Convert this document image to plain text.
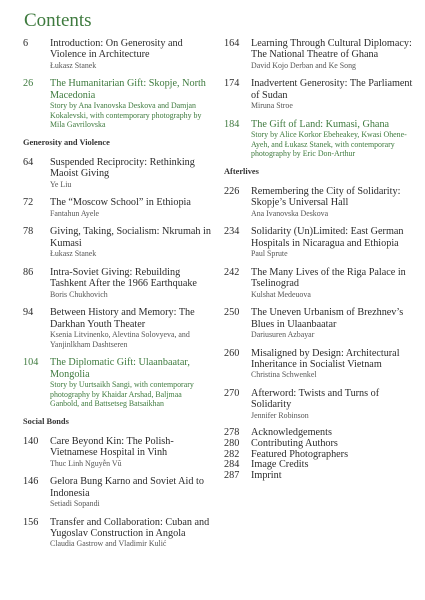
Contents
6	Introduction: On Generosity and Violence in Architecture
Łukasz Stanek
26	The Humanitarian Gift: Skopje, North Macedonia
Story by Ana Ivanovska Deskova and Damjan Kokalevski, with contemporary photography by Mila Gavrilovska
Generosity and Violence
64	Suspended Reciprocity: Rethinking Maoist Giving
Ye Liu
72	The “Moscow School” in Ethiopia
Fantahun Ayele
78	Giving, Taking, Socialism: Nkrumah in Kumasi
Łukasz Stanek
86	Intra-Soviet Giving: Rebuilding Tashkent After the 1966 Earthquake
Boris Chukhovich
94	Between History and Memory: The Darkhan Youth Theater
Ksenia Litvinenko, Alevtina Solovyeva, and Yanjinlkham Dashtseren
104	The Diplomatic Gift: Ulaanbaatar, Mongolia
Story by Uurtsaikh Sangi, with contemporary photography by Khaidar Arshad, Baljmaa Ganbold, and Battsetseg Batsaikhan
Social Bonds
140	Care Beyond Kin: The Polish-Vietnamese Hospital in Vinh
Thuc Linh Nguyễn Vũ
146	Gelora Bung Karno and Soviet Aid to Indonesia
Setiadi Sopandi
156	Transfer and Collaboration: Cuban and Yugoslav Construction in Angola
Claudia Gastrow and Vladimir Kulić
164	Learning Through Cultural Diplomacy: The National Theatre of Ghana
David Kojo Derban and Ke Song
174	Inadvertent Generosity: The Parliament of Sudan
Miruna Stroe
184	The Gift of Land: Kumasi, Ghana
Story by Alice Korkor Ebeheakey, Kwasi Ohene-Ayeh, and Łukasz Stanek, with contemporary photography by Eric Don-Arthur
Afterlives
226	Remembering the City of Solidarity: Skopje’s Universal Hall
Ana Ivanovska Deskova
234	Solidarity (Un)Limited: East German Hospitals in Nicaragua and Ethiopia
Paul Sprute
242	The Many Lives of the Riga Palace in Tselinograd
Kulshat Medeuova
250	The Uneven Urbanism of Brezhnev’s Blues in Ulaanbaatar
Dariusuren Azbayar
260	Misaligned by Design: Architectural Inheritance in Socialist Vietnam
Christina Schwenkel
270	Afterword: Twists and Turns of Solidarity
Jennifer Robinson
278	Acknowledgements
280	Contributing Authors
282	Featured Photographers
284	Image Credits
287	Imprint
